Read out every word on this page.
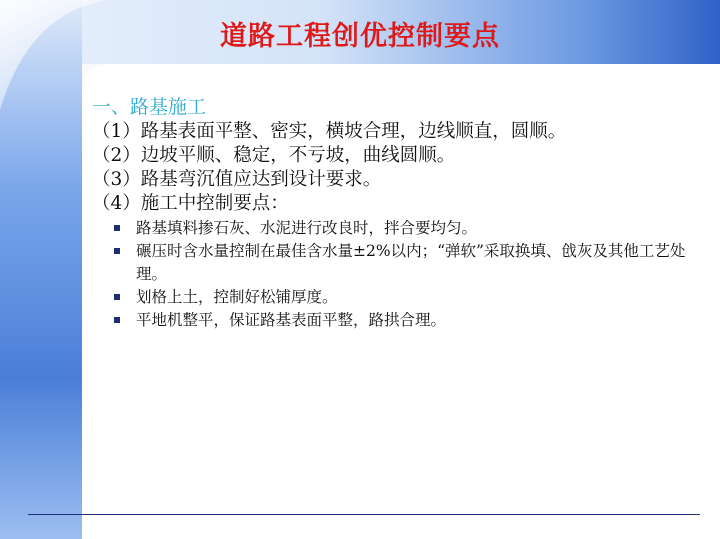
道路工程创优控制要点

一、路基施工

（1）路基表面平整、密实，横坡合理，边线顺直，圆顺。

（2）边坡平顺、稳定，不亏坡，曲线圆顺。

（3）路基弯沉值应达到设计要求。

（4）施工中控制要点：

路基填料掺石灰、水泥进行改良时，拌合要均匀。
碾压时含水量控制在最佳含水量±2%以内；“弹软”采取换填、戗灰及其他工艺处理。
划格上土，控制好松铺厚度。
平地机整平，保证路基表面平整，路拱合理。
